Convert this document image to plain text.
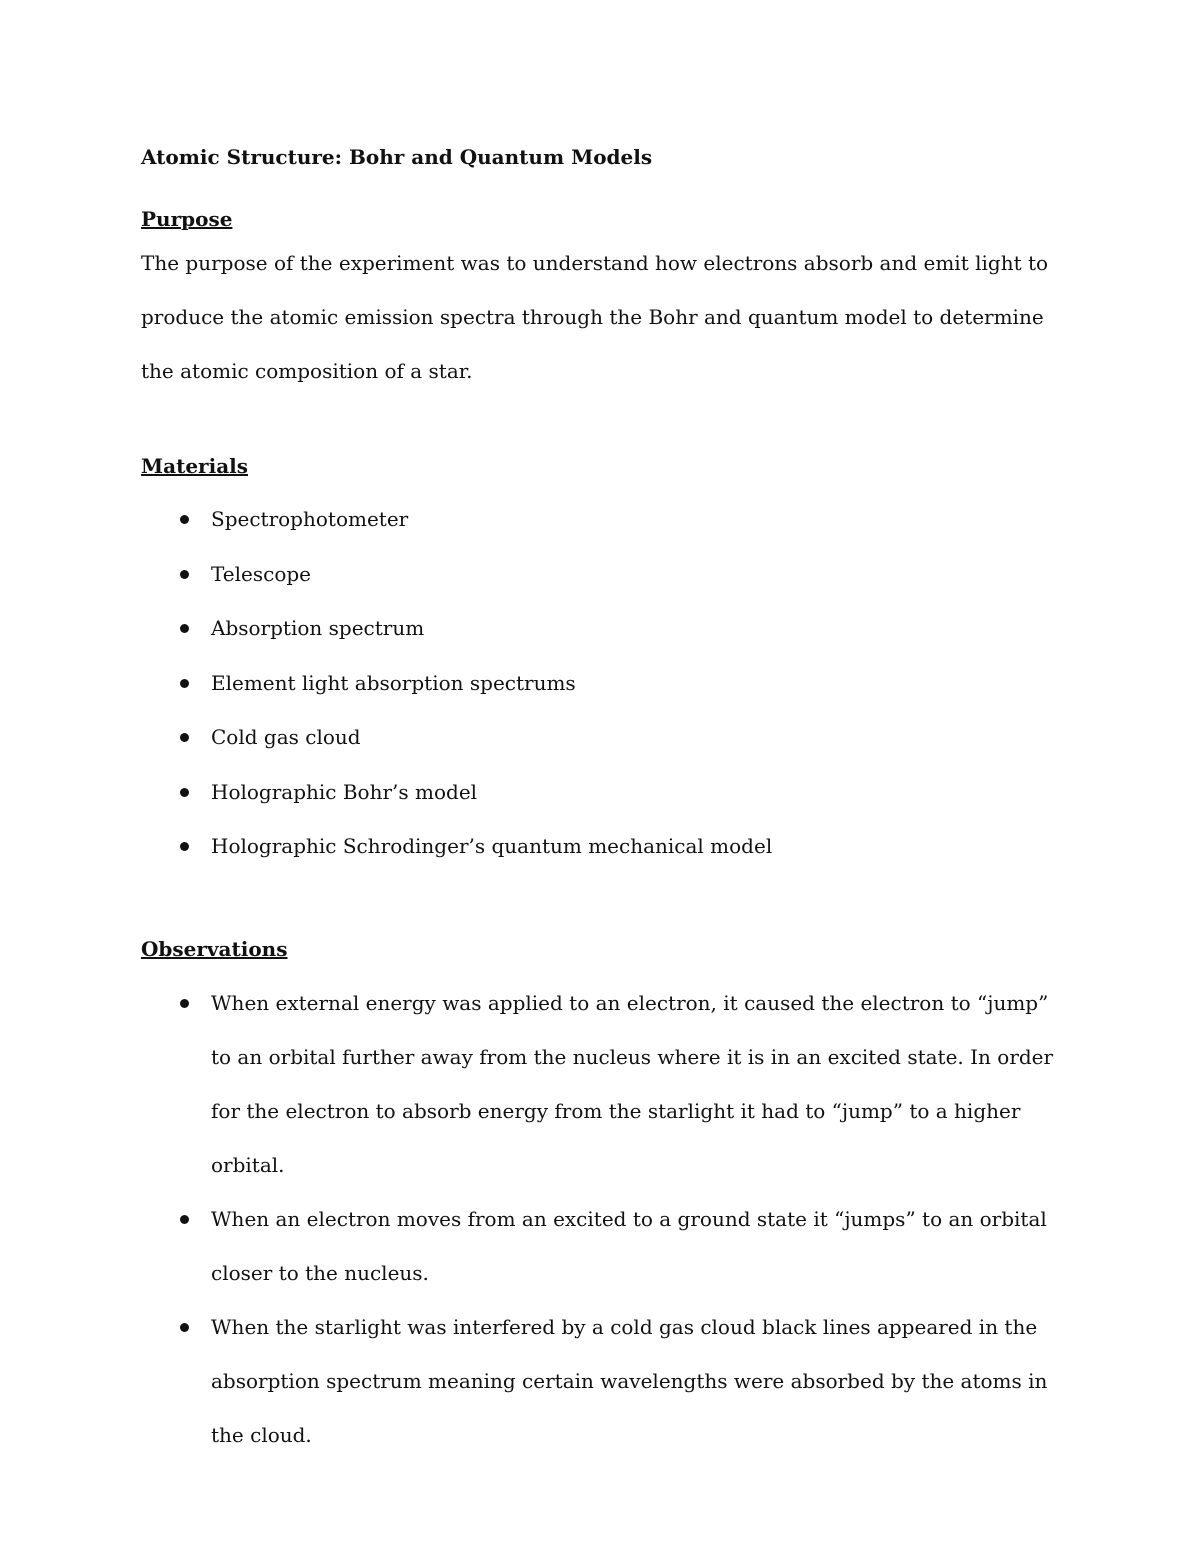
Atomic Structure: Bohr and Quantum Models
Purpose
The purpose of the experiment was to understand how electrons absorb and emit light to produce the atomic emission spectra through the Bohr and quantum model to determine the atomic composition of a star.
Materials
Spectrophotometer
Telescope
Absorption spectrum
Element light absorption spectrums
Cold gas cloud
Holographic Bohr’s model
Holographic Schrodinger’s quantum mechanical model
Observations
When external energy was applied to an electron, it caused the electron to “jump” to an orbital further away from the nucleus where it is in an excited state. In order for the electron to absorb energy from the starlight it had to “jump” to a higher orbital.
When an electron moves from an excited to a ground state it “jumps” to an orbital closer to the nucleus.
When the starlight was interfered by a cold gas cloud black lines appeared in the absorption spectrum meaning certain wavelengths were absorbed by the atoms in the cloud.
